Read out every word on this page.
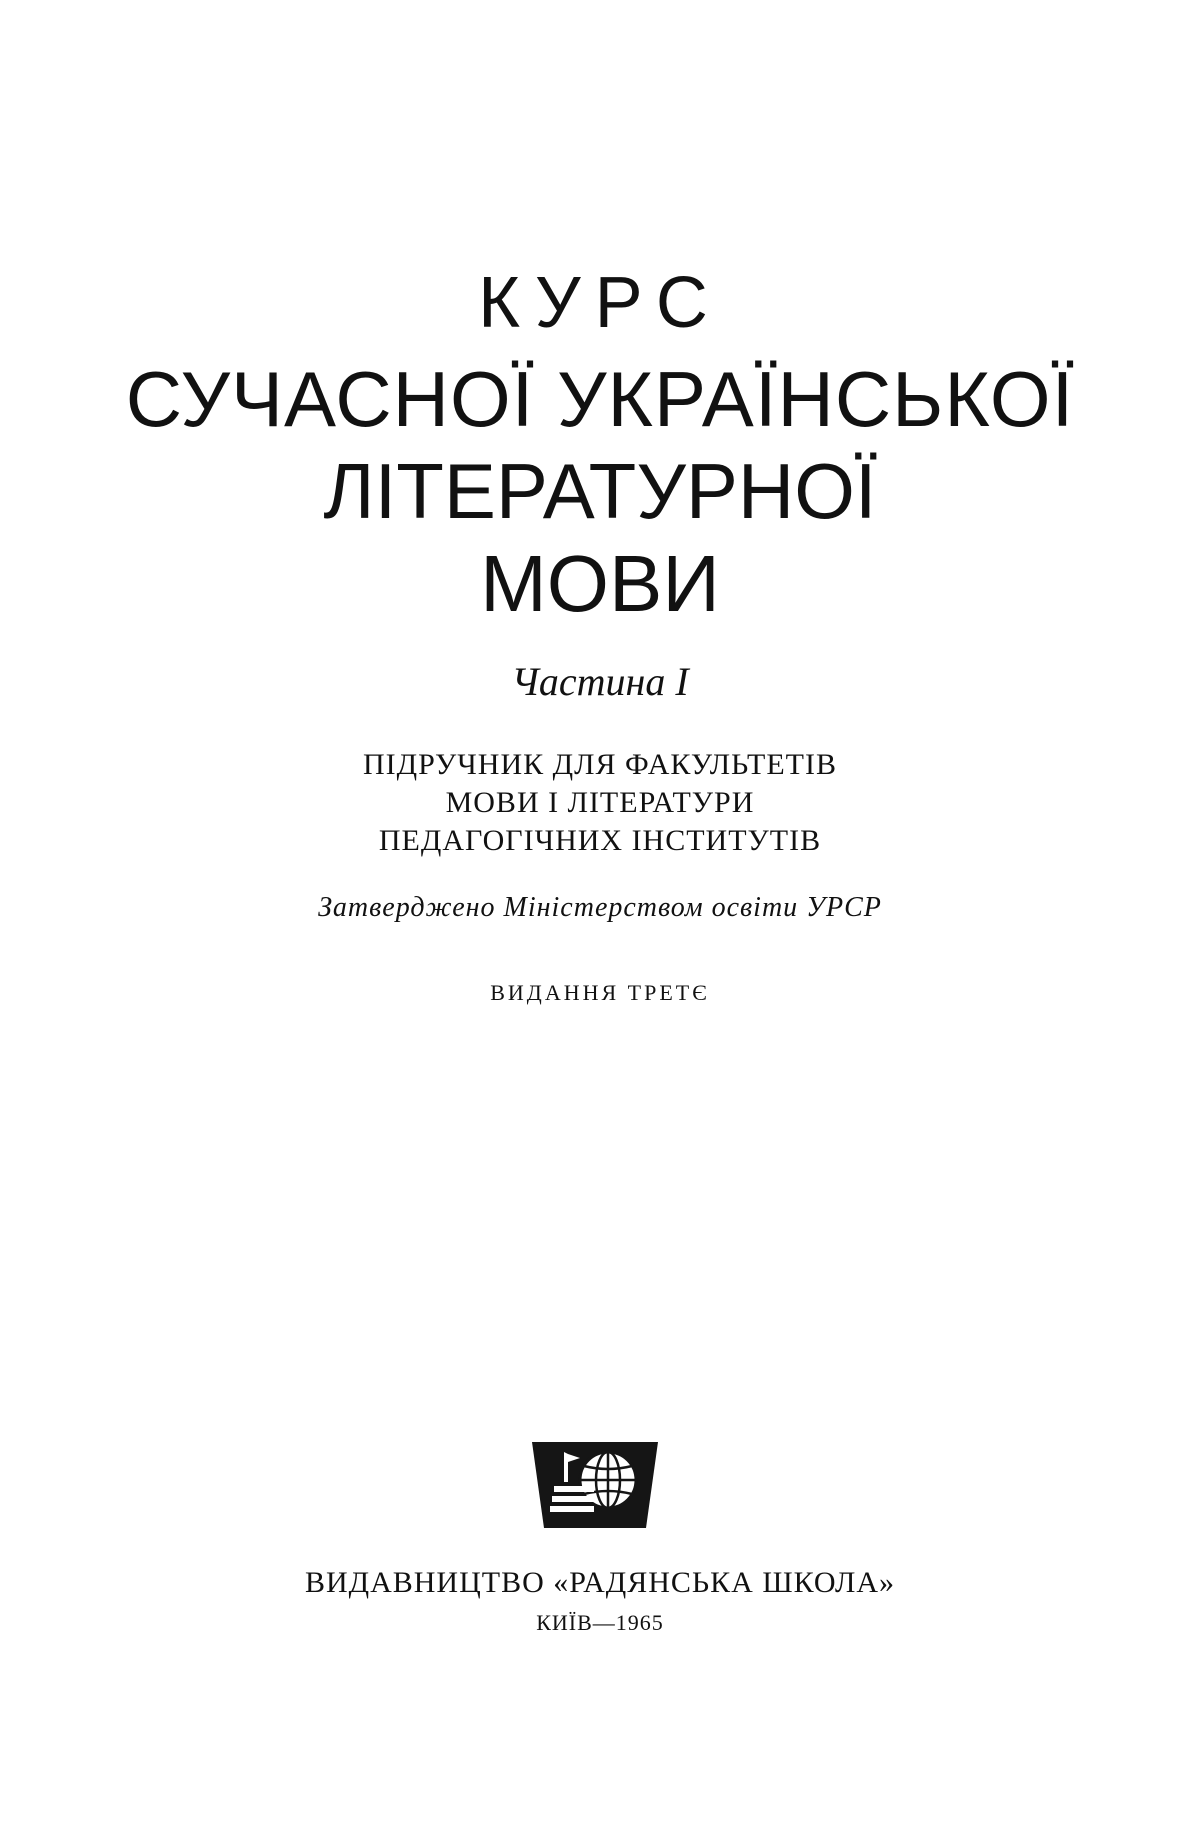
КУРС
СУЧАСНОЇ УКРАЇНСЬКОЇ
ЛІТЕРАТУРНОЇ
МОВИ
Частина І
ПІДРУЧНИК ДЛЯ ФАКУЛЬТЕТІВ
МОВИ І ЛІТЕРАТУРИ
ПЕДАГОГІЧНИХ ІНСТИТУТІВ
Затверджено Міністерством освіти УРСР
ВИДАННЯ ТРЕТЄ
ВИДАВНИЦТВО «РАДЯНСЬКА ШКОЛА»
КИЇВ—1965
